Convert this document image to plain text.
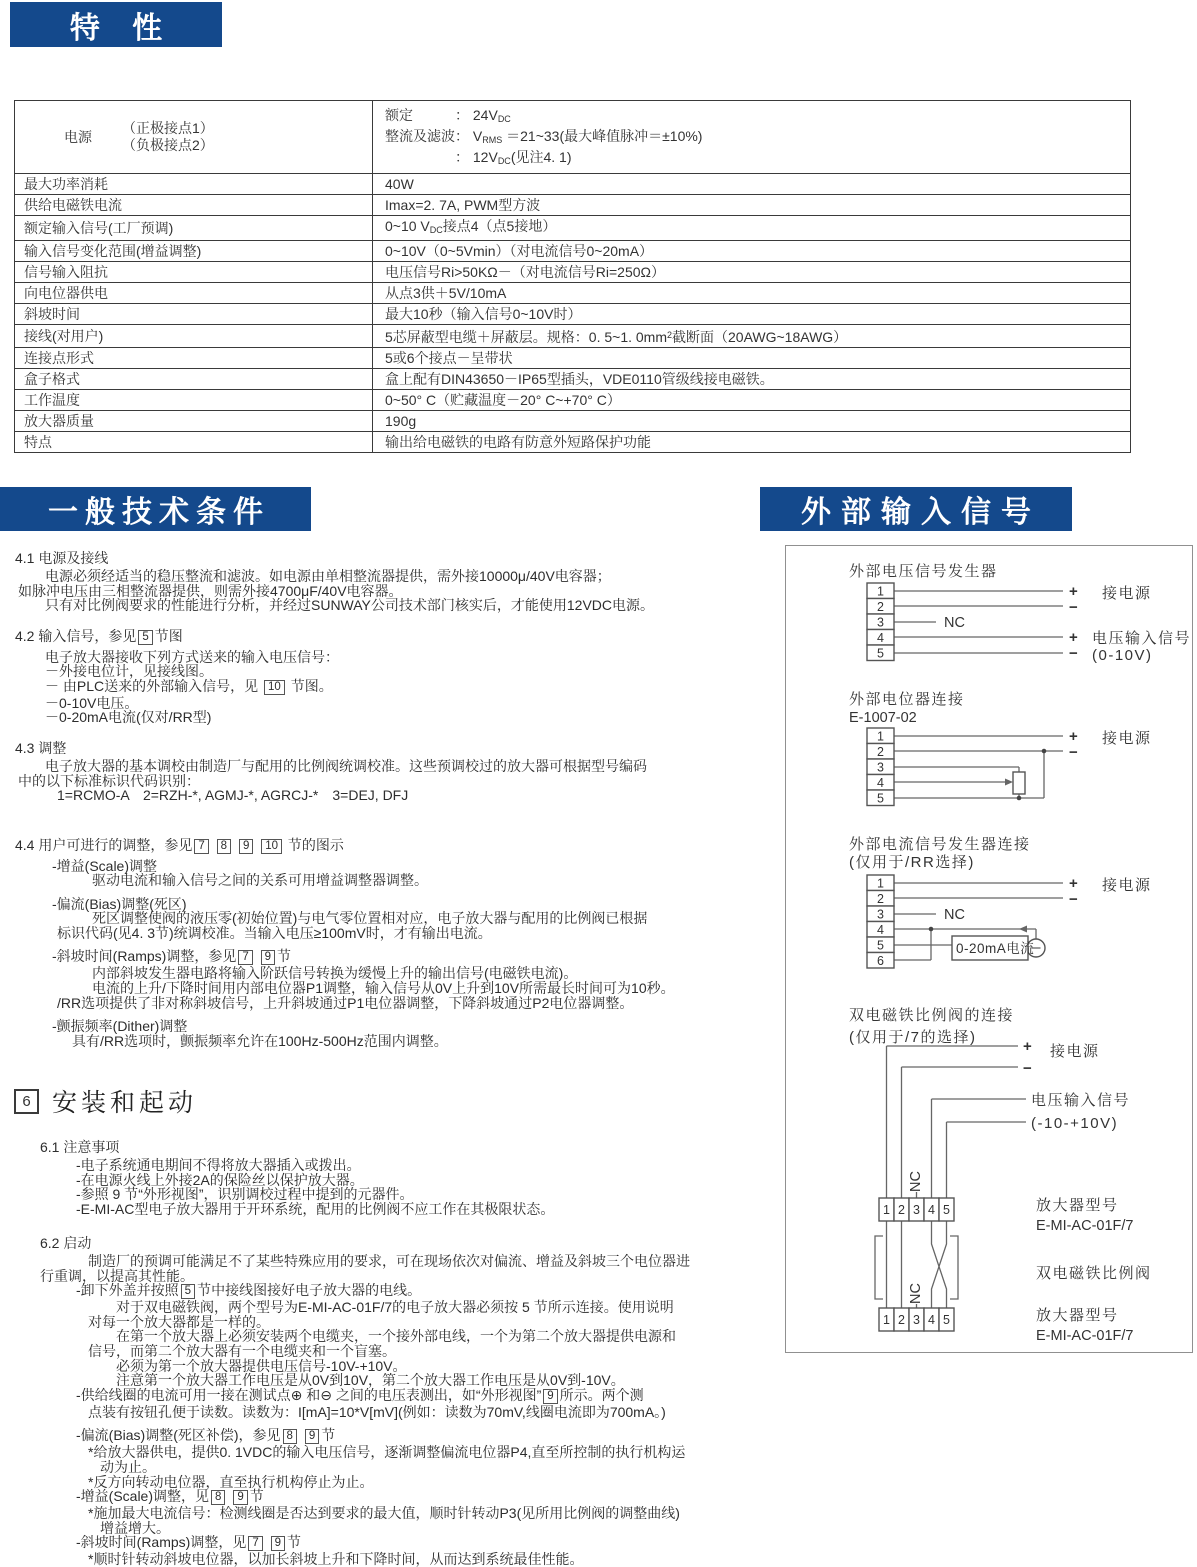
特 性
一般技术条件	外部输入信号
电源
（正极接点1）
（负极接点2）

额定　　　： $24V_{DC}$
整流及滤波： $V_{RMS}$ ＝21~33(最大峰值脉冲＝±10%)
　　　　　： $12V_{DC}$(见注4. 1)

最大功率消耗	40W

供给电磁铁电流	Imax=2. 7A, PWM型方波

额定输入信号(工厂预调)	0~10 $V_{DC}$接点4（点5接地）

输入信号变化范围(增益调整)	0~10V（0~5Vmin）（对电流信号0~20mA）

信号输入阻抗	电压信号Ri>50KΩ－（对电流信号Ri=250Ω）

向电位器供电	从点3供＋5V/10mA

斜坡时间	最大10秒（输入信号0~10V时）

接线(对用户)	5芯屏蔽型电缆＋屏蔽层。规格：0. 5~1. $0mm^2$截断面（20AWG~18AWG）

连接点形式	5或6个接点－呈带状

盒子格式	盒上配有DIN43650－IP65型插头，VDE0110管级线接电磁铁。

工作温度	0~50° C（贮藏温度－20° C~+70° C）

放大器质量	190g

特点	输出给电磁铁的电路有防意外短路保护功能
4.1 电源及接线
电源必须经适当的稳压整流和滤波。如电源由单相整流器提供，需外接10000μ/40V电容器；
如脉冲电压由三相整流器提供，则需外接4700μF/40V电容器。
只有对比例阀要求的性能进行分析，并经过SUNWAY公司技术部门核实后，才能使用12VDC电源。
4.2 输入信号，参见 5 节图
电子放大器接收下列方式送来的输入电压信号：
－外接电位计，见接线图。
－ 由PLC送来的外部输入信号，见 10 节图。
－0-10V电压。
－0-20mA电流(仅对/RR型)
4.3 调整
电子放大器的基本调校由制造厂与配用的比例阀统调校准。这些预调校过的放大器可根据型号编码
中的以下标准标识代码识别：
1=RCMO-A　2=RZH-*, AGMJ-*, AGRCJ-*　3=DEJ, DFJ
4.4 用户可进行的调整，参见 7 8 9 10 节的图示
-增益(Scale)调整
驱动电流和输入信号之间的关系可用增益调整器调整。
-偏流(Bias)调整(死区)
死区调整使阀的液压零(初始位置)与电气零位置相对应，电子放大器与配用的比例阀已根据
标识代码(见4. 3节)统调校准。当输入电压≥100mV时，才有输出电流。
-斜坡时间(Ramps)调整，参见 7 9 节
内部斜坡发生器电路将输入阶跃信号转换为缓慢上升的输出信号(电磁铁电流)。
电流的上升/下降时间用内部电位器P1调整，输入信号从0V上升到10V所需最长时间可为10秒。
/RR选项提供了非对称斜坡信号，上升斜坡通过P1电位器调整，下降斜坡通过P2电位器调整。
-颤振频率(Dither)调整
具有/RR选项时，颤振频率允许在100Hz-500Hz范围内调整。
6 安装和起动
6.1 注意事项
-电子系统通电期间不得将放大器插入或拨出。
-在电源火线上外接2A的保险丝以保护放大器。
-参照 9 节“外形视图”，识别调校过程中提到的元器件。
-E-MI-AC型电子放大器用于开环系统，配用的比例阀不应工作在其极限状态。
6.2 启动
制造厂的预调可能满足不了某些特殊应用的要求，可在现场依次对偏流、增益及斜坡三个电位器进
行重调，以提高其性能。
-卸下外盖并按照 5 节中接线图接好电子放大器的电线。
对于双电磁铁阀，两个型号为E-MI-AC-01F/7的电子放大器必须按 5 节所示连接。使用说明
对每一个放大器都是一样的。
在第一个放大器上必须安装两个电缆夹，一个接外部电线，一个为第二个放大器提供电源和
信号，而第二个放大器有一个电缆夹和一个盲塞。
必须为第一个放大器提供电压信号-10V-+10V。
注意第一个放大器工作电压是从0V到10V，第二个放大器工作电压是从0V到-10V。
-供给线圈的电流可用一接在测试点⊕ 和⊖ 之间的电压表测出，如“外形视图” 9 所示。两个测
点装有按钮孔便于读数。读数为：I[mA]=10*V[mV](例如：读数为70mV,线圈电流即为700mA。)
-偏流(Bias)调整(死区补偿)，参见 8 9 节
*给放大器供电，提供0. 1VDC的输入电压信号，逐渐调整偏流电位器P4,直至所控制的执行机构运
动为止。
*反方向转动电位器，直至执行机构停止为止。
-增益(Scale)调整，见 8 9 节
*施加最大电流信号：检测线圈是否达到要求的最大值，顺时针转动P3(见所用比例阀的调整曲线)
增益增大。
-斜坡时间(Ramps)调整，见 7 9 节
*顺时针转动斜坡电位器，以加长斜坡上升和下降时间，从而达到系统最佳性能。
外部电压信号发生器
1
2
3
4
5
+
−
接电源
NC
+
−
电压输入信号
(0-10V)
外部电位器连接
E-1007-02
1
2
3
4
5
+
−
接电源
外部电流信号发生器连接
(仅用于/RR选择)
1
2
3
4
5
6
+
−
接电源
NC
0-20mA电流
双电磁铁比例阀的连接
(仅用于/7的选择)
+
−
接电源
电压输入信号
(-10-+10V)
NC
1 2 3 4 5	放大器型号
E-MI-AC-01F/7
双电磁铁比例阀
NC
1 2 3 4 5	放大器型号
E-MI-AC-01F/7
